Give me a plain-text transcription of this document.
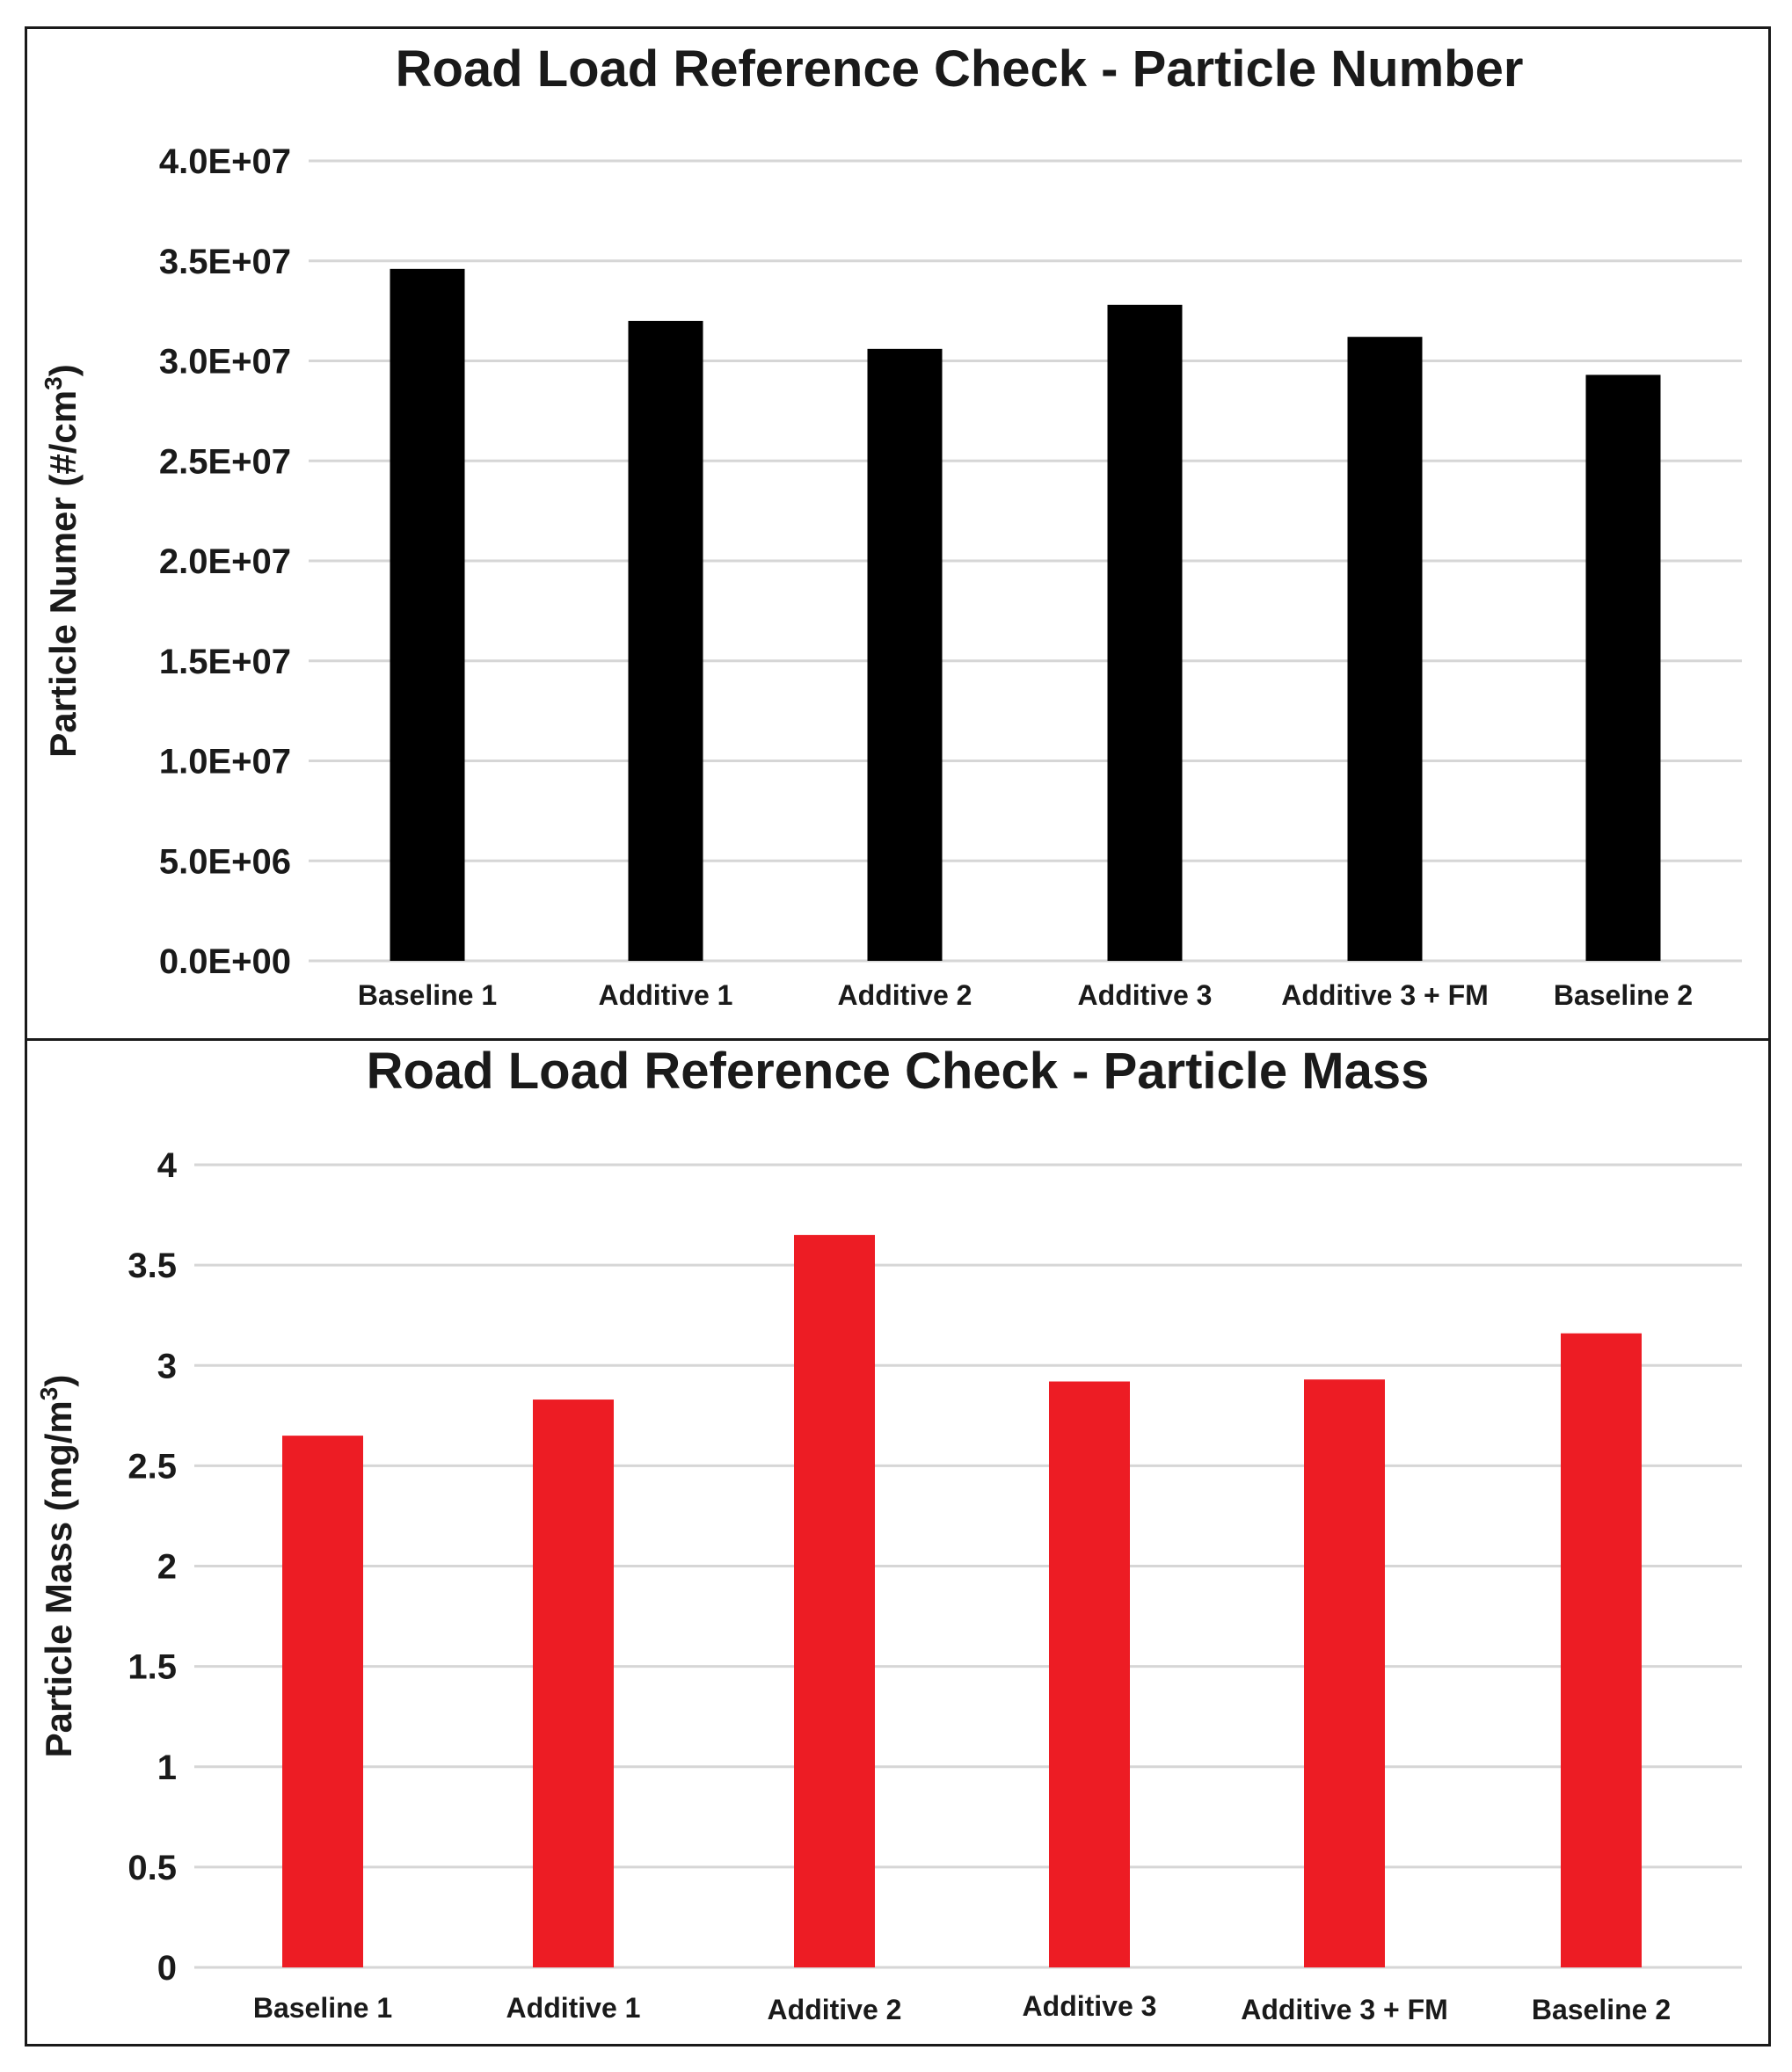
Road Load Reference Check - Particle Number
0.0E+00
5.0E+06
1.0E+07
1.5E+07
2.0E+07
2.5E+07
3.0E+07
3.5E+07
4.0E+07
Particle Numer $(\#/cm^3)$
Baseline 1	Additive 1	Additive 2	Additive 3 Additive 3 + FM Baseline 2
Road Load Reference Check - Particle Mass
0
0.5
1
1.5
2
2.5
3
3.5
4
Particle Mass $(mg/m^3)$
Baseline 1	Additive 1	Additive 2	Additive 3	Additive 3 + FM	Baseline 2
